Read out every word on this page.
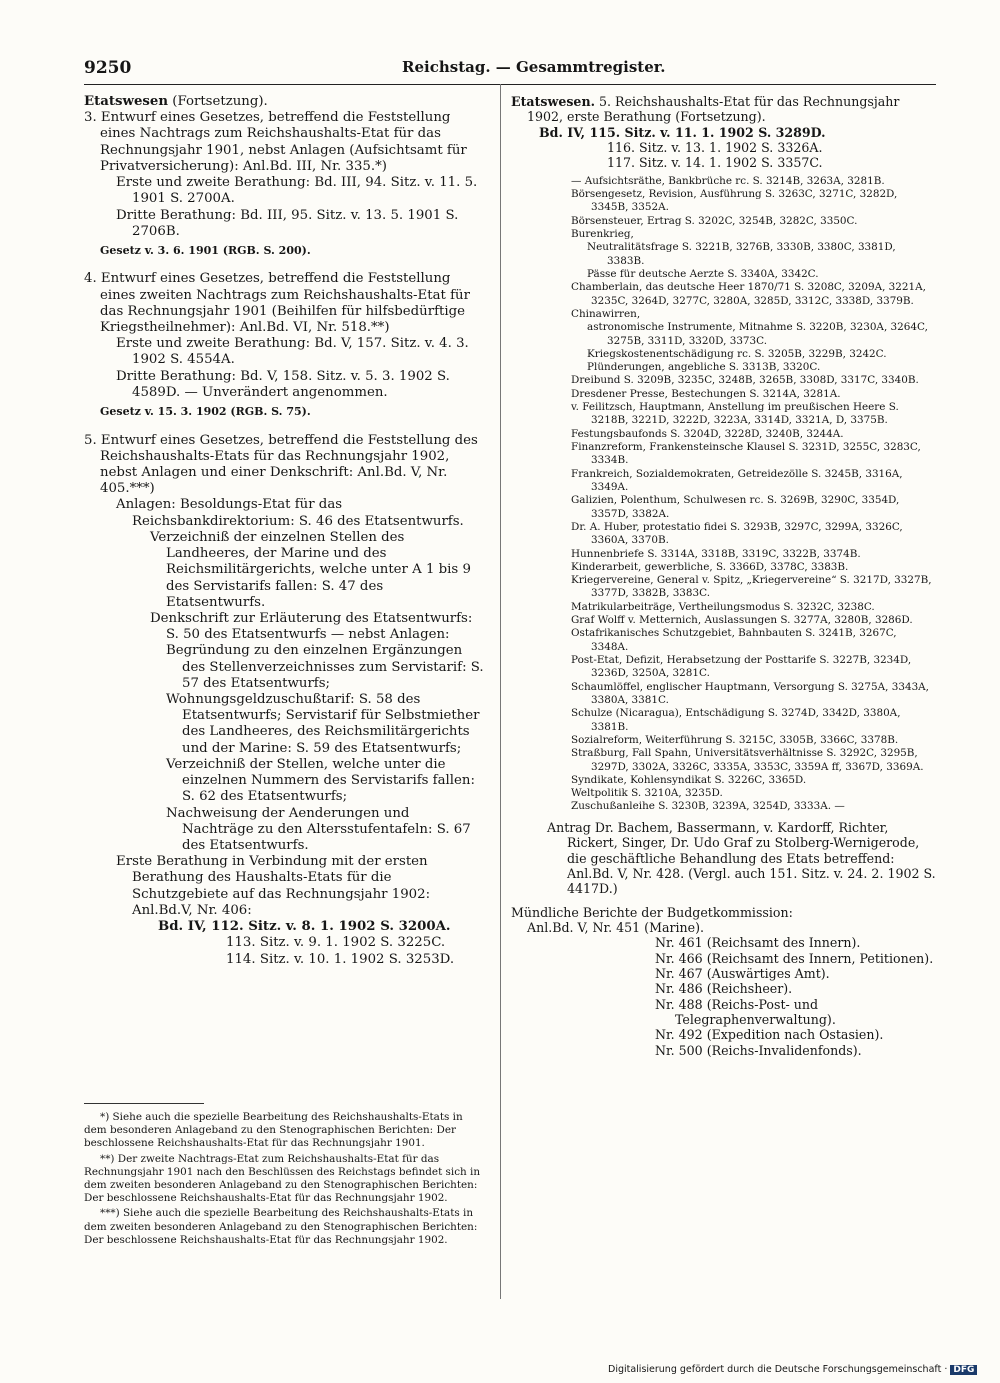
9250	Reichstag. — Gesammtregister.

Etatswesen (Fortsetzung).

3. Entwurf eines Gesetzes, betreffend die Feststellung eines Nachtrags zum Reichshaushalts-Etat für das Rechnungsjahr 1901, nebst Anlagen (Aufsichtsamt für Privatversicherung): Anl.Bd. III, Nr. 335.*)

Erste und zweite Berathung: Bd. III, 94. Sitz. v. 11. 5. 1901 S. 2700A.

Dritte Berathung: Bd. III, 95. Sitz. v. 13. 5. 1901 S. 2706B.

Gesetz v. 3. 6. 1901 (RGB. S. 200).

4. Entwurf eines Gesetzes, betreffend die Feststellung eines zweiten Nachtrags zum Reichshaushalts-Etat für das Rechnungsjahr 1901 (Beihilfen für hilfsbedürftige Kriegstheilnehmer): Anl.Bd. VI, Nr. 518.**)

Erste und zweite Berathung: Bd. V, 157. Sitz. v. 4. 3. 1902 S. 4554A.

Dritte Berathung: Bd. V, 158. Sitz. v. 5. 3. 1902 S. 4589D. — Unverändert angenommen.

Gesetz v. 15. 3. 1902 (RGB. S. 75).

5. Entwurf eines Gesetzes, betreffend die Feststellung des Reichshaushalts-Etats für das Rechnungsjahr 1902, nebst Anlagen und einer Denkschrift: Anl.Bd. V, Nr. 405.***)

Anlagen: Besoldungs-Etat für das Reichsbankdirektorium: S. 46 des Etatsentwurfs.

Verzeichniß der einzelnen Stellen des Landheeres, der Marine und des Reichsmilitärgerichts, welche unter A 1 bis 9 des Servistarifs fallen: S. 47 des Etatsentwurfs.

Denkschrift zur Erläuterung des Etatsentwurfs: S. 50 des Etatsentwurfs — nebst Anlagen:

Begründung zu den einzelnen Ergänzungen des Stellenverzeichnisses zum Servistarif: S. 57 des Etatsentwurfs;

Wohnungsgeldzuschußtarif: S. 58 des Etatsentwurfs; Servistarif für Selbstmiether des Landheeres, des Reichsmilitärgerichts und der Marine: S. 59 des Etatsentwurfs;

Verzeichniß der Stellen, welche unter die einzelnen Nummern des Servistarifs fallen: S. 62 des Etatsentwurfs;

Nachweisung der Aenderungen und Nachträge zu den Altersstufentafeln: S. 67 des Etatsentwurfs.

Erste Berathung in Verbindung mit der ersten Berathung des Haushalts-Etats für die Schutzgebiete auf das Rechnungsjahr 1902: Anl.Bd.V, Nr. 406:

Bd. IV, 112. Sitz. v. 8. 1. 1902 S. 3200A.

113. Sitz. v. 9. 1. 1902 S. 3225C.

114. Sitz. v. 10. 1. 1902 S. 3253D.

*) Siehe auch die spezielle Bearbeitung des Reichshaushalts-Etats in dem besonderen Anlageband zu den Stenographischen Berichten: Der beschlossene Reichshaushalts-Etat für das Rechnungsjahr 1901.

**) Der zweite Nachtrags-Etat zum Reichshaushalts-Etat für das Rechnungsjahr 1901 nach den Beschlüssen des Reichstags befindet sich in dem zweiten besonderen Anlageband zu den Stenographischen Berichten: Der beschlossene Reichshaushalts-Etat für das Rechnungsjahr 1902.

***) Siehe auch die spezielle Bearbeitung des Reichshaushalts-Etats in dem zweiten besonderen Anlageband zu den Stenographischen Berichten: Der beschlossene Reichshaushalts-Etat für das Rechnungsjahr 1902.

Etatswesen. 5. Reichshaushalts-Etat für das Rechnungsjahr 1902, erste Berathung (Fortsetzung).

Bd. IV, 115. Sitz. v. 11. 1. 1902 S. 3289D.

116. Sitz. v. 13. 1. 1902 S. 3326A.

117. Sitz. v. 14. 1. 1902 S. 3357C.

— Aufsichtsräthe, Bankbrüche rc. S. 3214B, 3263A, 3281B.

Börsengesetz, Revision, Ausführung S. 3263C, 3271C, 3282D, 3345B, 3352A.

Börsensteuer, Ertrag S. 3202C, 3254B, 3282C, 3350C.

Burenkrieg,

Neutralitätsfrage S. 3221B, 3276B, 3330B, 3380C, 3381D, 3383B.

Pässe für deutsche Aerzte S. 3340A, 3342C.

Chamberlain, das deutsche Heer 1870/71 S. 3208C, 3209A, 3221A, 3235C, 3264D, 3277C, 3280A, 3285D, 3312C, 3338D, 3379B.

Chinawirren,

astronomische Instrumente, Mitnahme S. 3220B, 3230A, 3264C, 3275B, 3311D, 3320D, 3373C.

Kriegskostenentschädigung rc. S. 3205B, 3229B, 3242C.

Plünderungen, angebliche S. 3313B, 3320C.

Dreibund S. 3209B, 3235C, 3248B, 3265B, 3308D, 3317C, 3340B.

Dresdener Presse, Bestechungen S. 3214A, 3281A.

v. Feilitzsch, Hauptmann, Anstellung im preußischen Heere S. 3218B, 3221D, 3222D, 3223A, 3314D, 3321A, D, 3375B.

Festungsbaufonds S. 3204D, 3228D, 3240B, 3244A.

Finanzreform, Frankensteinsche Klausel S. 3231D, 3255C, 3283C, 3334B.

Frankreich, Sozialdemokraten, Getreidezölle S. 3245B, 3316A, 3349A.

Galizien, Polenthum, Schulwesen rc. S. 3269B, 3290C, 3354D, 3357D, 3382A.

Dr. A. Huber, protestatio fidei S. 3293B, 3297C, 3299A, 3326C, 3360A, 3370B.

Hunnenbriefe S. 3314A, 3318B, 3319C, 3322B, 3374B.

Kinderarbeit, gewerbliche, S. 3366D, 3378C, 3383B.

Kriegervereine, General v. Spitz, „Kriegervereine“ S. 3217D, 3327B, 3377D, 3382B, 3383C.

Matrikularbeiträge, Vertheilungsmodus S. 3232C, 3238C.

Graf Wolff v. Metternich, Auslassungen S. 3277A, 3280B, 3286D.

Ostafrikanisches Schutzgebiet, Bahnbauten S. 3241B, 3267C, 3348A.

Post-Etat, Defizit, Herabsetzung der Posttarife S. 3227B, 3234D, 3236D, 3250A, 3281C.

Schaumlöffel, englischer Hauptmann, Versorgung S. 3275A, 3343A, 3380A, 3381C.

Schulze (Nicaragua), Entschädigung S. 3274D, 3342D, 3380A, 3381B.

Sozialreform, Weiterführung S. 3215C, 3305B, 3366C, 3378B.

Straßburg, Fall Spahn, Universitätsverhältnisse S. 3292C, 3295B, 3297D, 3302A, 3326C, 3335A, 3353C, 3359A ff, 3367D, 3369A.

Syndikate, Kohlensyndikat S. 3226C, 3365D.

Weltpolitik S. 3210A, 3235D.

Zuschußanleihe S. 3230B, 3239A, 3254D, 3333A. —

Antrag Dr. Bachem, Bassermann, v. Kardorff, Richter, Rickert, Singer, Dr. Udo Graf zu Stolberg-Wernigerode, die geschäftliche Behandlung des Etats betreffend: Anl.Bd. V, Nr. 428. (Vergl. auch 151. Sitz. v. 24. 2. 1902 S. 4417D.)

Mündliche Berichte der Budgetkommission:

Anl.Bd. V, Nr. 451 (Marine).

Nr. 461 (Reichsamt des Innern).

Nr. 466 (Reichsamt des Innern, Petitionen).

Nr. 467 (Auswärtiges Amt).

Nr. 486 (Reichsheer).

Nr. 488 (Reichs-Post- und Telegraphenverwaltung).

Nr. 492 (Expedition nach Ostasien).

Nr. 500 (Reichs-Invalidenfonds).

Digitalisierung gefördert durch die Deutsche Forschungsgemeinschaft · DFG
